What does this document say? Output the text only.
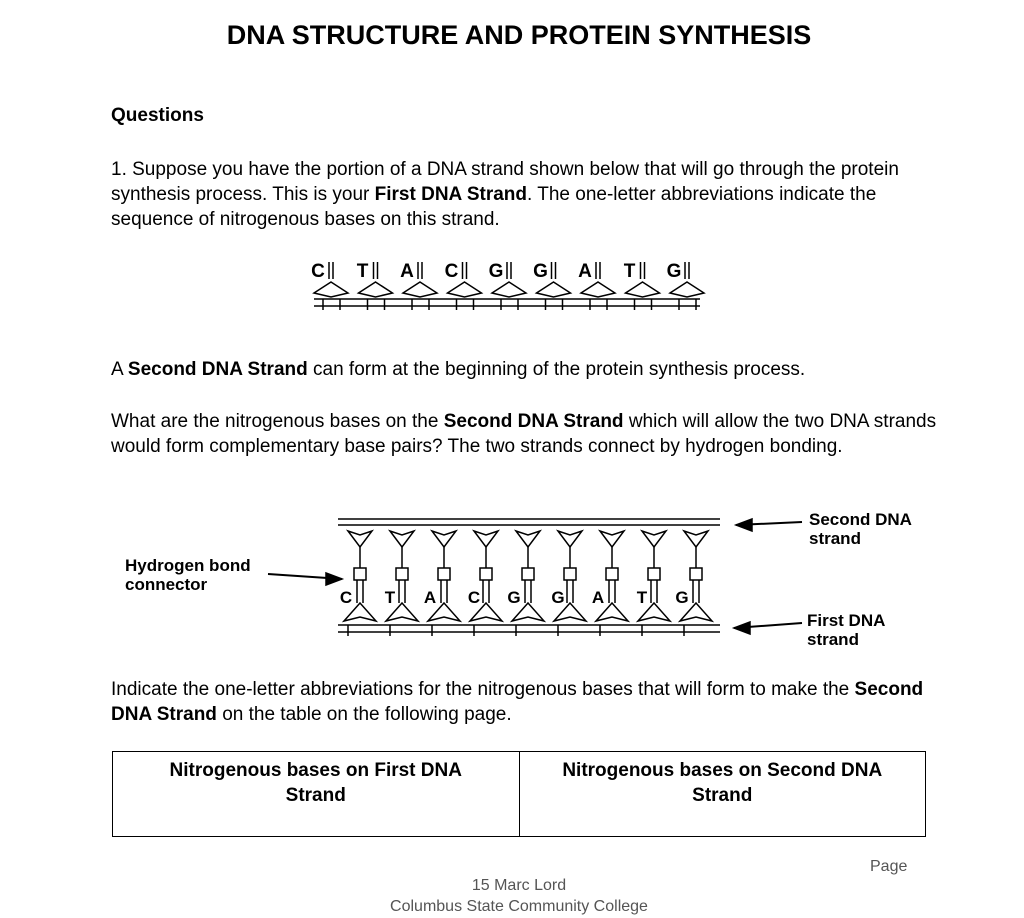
DNA STRUCTURE AND PROTEIN SYNTHESIS
Questions
1. Suppose you have the portion of a DNA strand shown below that will go through the protein synthesis process. This is your First DNA Strand. The one-letter abbreviations indicate the sequence of nitrogenous bases on this strand.
C T A C G G A T G
A Second DNA Strand can form at the beginning of the protein synthesis process.
What are the nitrogenous bases on the Second DNA Strand which will allow the two DNA strands would form complementary base pairs? The two strands connect by hydrogen bonding.
C T A C G G A T G
Hydrogen bond
connector
Second DNA
strand
First DNA
strand
Indicate the one-letter abbreviations for the nitrogenous bases that will form to make the Second DNA Strand on the table on the following page.
Nitrogenous bases on First DNA
Strand

Nitrogenous bases on Second DNA
Strand
Page
15 Marc Lord
Columbus State Community College
